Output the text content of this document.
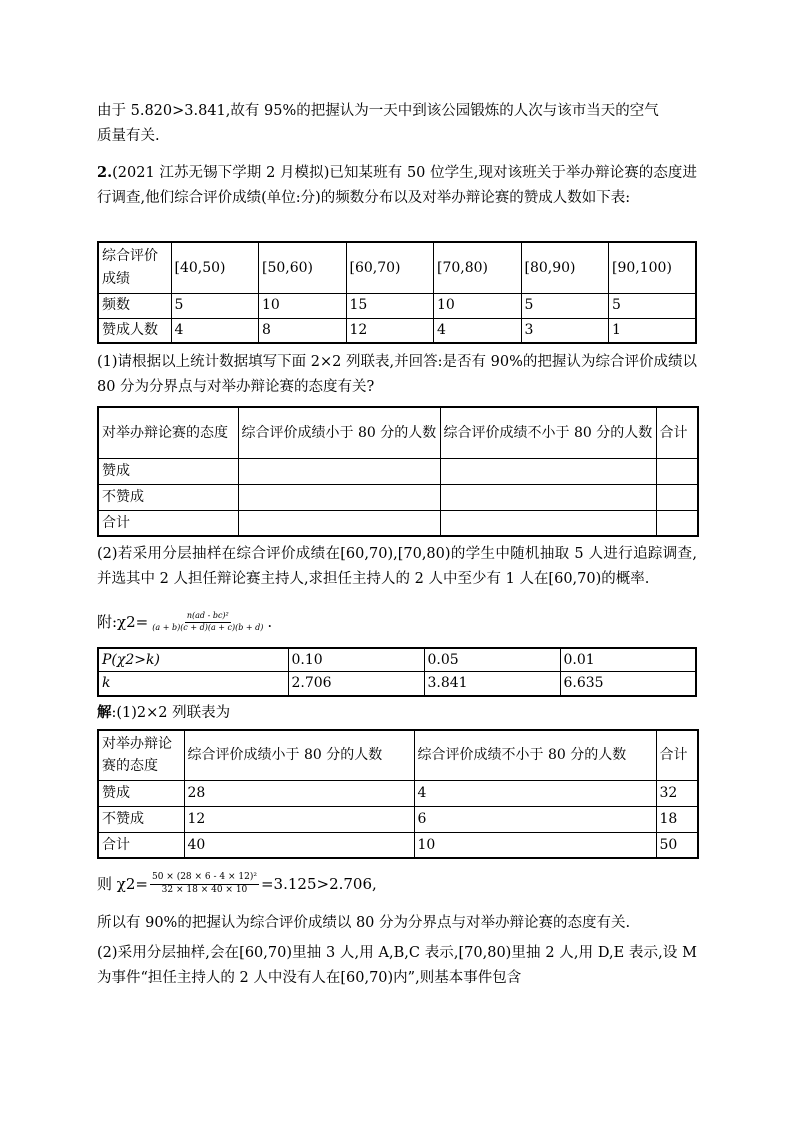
由于 5.820>3.841,故有 95%的把握认为一天中到该公园锻炼的人次与该市当天的空气

质量有关.

2.(2021 江苏无锡下学期 2 月模拟)已知某班有 50 位学生,现对该班关于举办辩论赛的态度进行调查,他们综合评价成绩(单位:分)的频数分布以及对举办辩论赛的赞成人数如下表:

综合评价成绩	[40,50)	[50,60)	[60,70)	[70,80)	[80,90)	[90,100)
频数	5	10	15	10	5	5
赞成人数	4	8	12	4	3	1

(1)请根据以上统计数据填写下面 2×2 列联表,并回答:是否有 90%的把握认为综合评价成绩以 80 分为分界点与对举办辩论赛的态度有关?

对举办辩论赛的态度	综合评价成绩小于 80 分的人数	综合评价成绩不小于 80 分的人数	合计
赞成			
不赞成			
合计			

(2)若采用分层抽样在综合评价成绩在[60,70),[70,80)的学生中随机抽取 5 人进行追踪调查,并选其中 2 人担任辩论赛主持人,求担任主持人的 2 人中至少有 1 人在[60,70)的概率.

附:χ2= $\frac{\text{n(ad - bc)²}}{(a + b)(c + d)(a + c)(b + d)}$ .
P(χ2>k)	0.10	0.05	0.01
k	2.706	3.841	6.635

解:(1)2×2 列联表为

对举办辩论赛的态度	综合评价成绩小于 80 分的人数	综合评价成绩不小于 80 分的人数	合计
赞成	28	4	32
不赞成	12	6	18
合计	40	10	50
则 $\chi 2= \frac{\text{50 × (28 × 6 - 4 × 12)²}}{32 \times 18 \times 40 \times 10} =3.125>2.706$,

所以有 90%的把握认为综合评价成绩以 80 分为分界点与对举办辩论赛的态度有关.

(2)采用分层抽样,会在[60,70)里抽 3 人,用 A,B,C 表示,[70,80)里抽 2 人,用 D,E 表示,设 M 为事件“担任主持人的 2 人中没有人在[60,70)内”,则基本事件包含
